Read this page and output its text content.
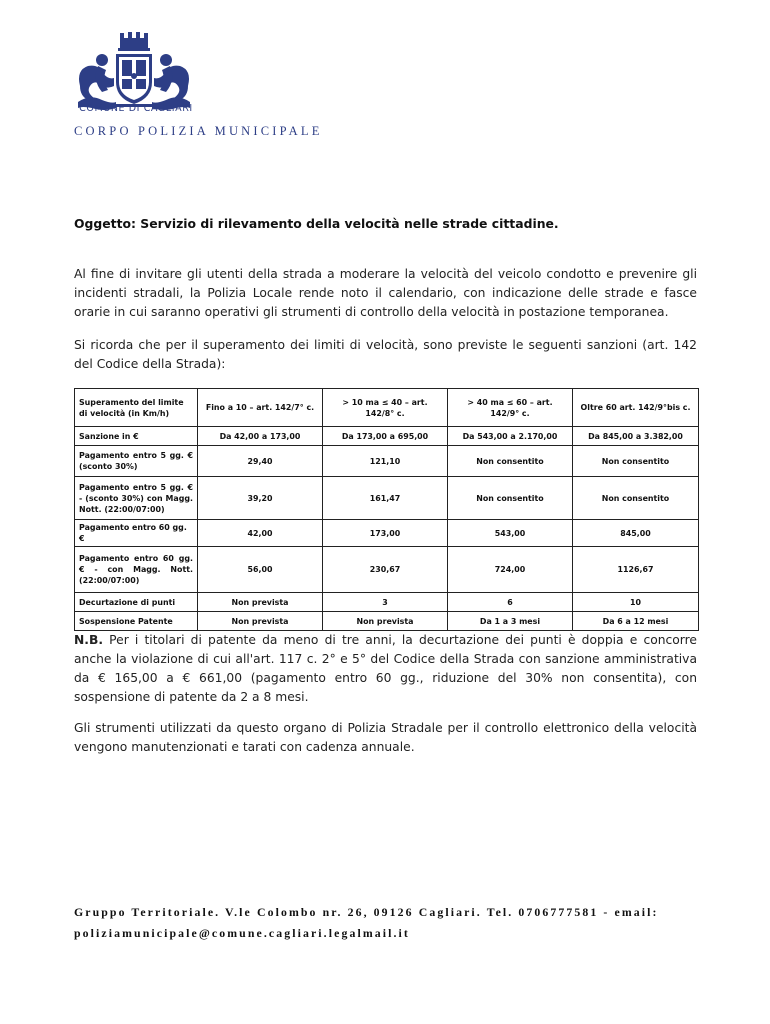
COMUNE DI CAGLIARI
CORPO POLIZIA MUNICIPALE
Oggetto: Servizio di rilevamento della velocità nelle strade cittadine.
Al fine di invitare gli utenti della strada a moderare la velocità del veicolo condotto e prevenire gli incidenti stradali, la Polizia Locale rende noto il calendario, con indicazione delle strade e fasce orarie in cui saranno operativi gli strumenti di controllo della velocità in postazione temporanea.
Si ricorda che per il superamento dei limiti di velocità, sono previste le seguenti sanzioni (art. 142 del Codice della Strada):
Superamento del limite di velocità (in Km/h)	Fino a 10 – art. 142/7° c.	> 10 ma ≤ 40 – art. 142/8° c.	> 40 ma ≤ 60 – art. 142/9° c.	Oltre 60 art. 142/9°bis c.
Sanzione in €	Da 42,00 a 173,00	Da 173,00 a 695,00	Da 543,00 a 2.170,00	Da 845,00 a 3.382,00
Pagamento entro 5 gg. € (sconto 30%)	29,40	121,10	Non consentito	Non consentito
Pagamento entro 5 gg. € - (sconto 30%) con Magg. Nott. (22:00/07:00)	39,20	161,47	Non consentito	Non consentito
Pagamento entro 60 gg. €	42,00	173,00	543,00	845,00
Pagamento entro 60 gg. € - con Magg. Nott. (22:00/07:00)	56,00	230,67	724,00	1126,67
Decurtazione di punti	Non prevista	3	6	10
Sospensione Patente	Non prevista	Non prevista	Da 1 a 3 mesi	Da 6 a 12 mesi
N.B. Per i titolari di patente da meno di tre anni, la decurtazione dei punti è doppia e concorre anche la violazione di cui all'art. 117 c. 2° e 5° del Codice della Strada con sanzione amministrativa da € 165,00 a € 661,00 (pagamento entro 60 gg., riduzione del 30% non consentita), con sospensione di patente da 2 a 8 mesi.
Gli strumenti utilizzati da questo organo di Polizia Stradale per il controllo elettronico della velocità vengono manutenzionati e tarati con cadenza annuale.
Gruppo Territoriale. V.le Colombo nr. 26, 09126 Cagliari. Tel. 0706777581 - email:
poliziamunicipale@comune.cagliari.legalmail.it
